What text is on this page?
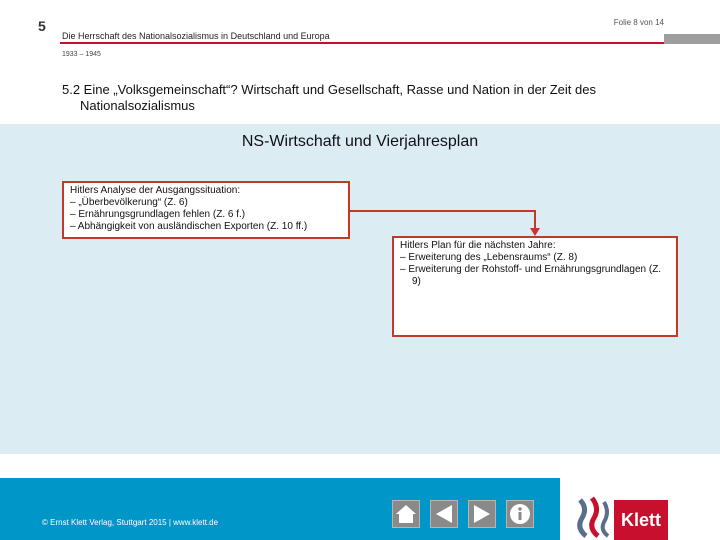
5	Folie 8 von 14
Die Herrschaft des Nationalsozialismus in Deutschland und Europa
1933 – 1945
5.2 Eine „Volksgemeinschaft“? Wirtschaft und Gesellschaft, Rasse und Nation in der Zeit des
Nationalsozialismus
NS-Wirtschaft und Vierjahresplan
Hitlers Analyse der Ausgangssituation:

– „Überbevölkerung“ (Z. 6)
– Ernährungsgrundlagen fehlen (Z. 6 f.)
– Abhängigkeit von ausländischen Exporten (Z. 10 ff.)
Hitlers Plan für die nächsten Jahre:

– Erweiterung des „Lebensraums“ (Z. 8)
– Erweiterung der Rohstoff- und Ernährungsgrundlagen (Z. 9)
© Ernst Klett Verlag, Stuttgart 2015 | www.klett.de	Klett
